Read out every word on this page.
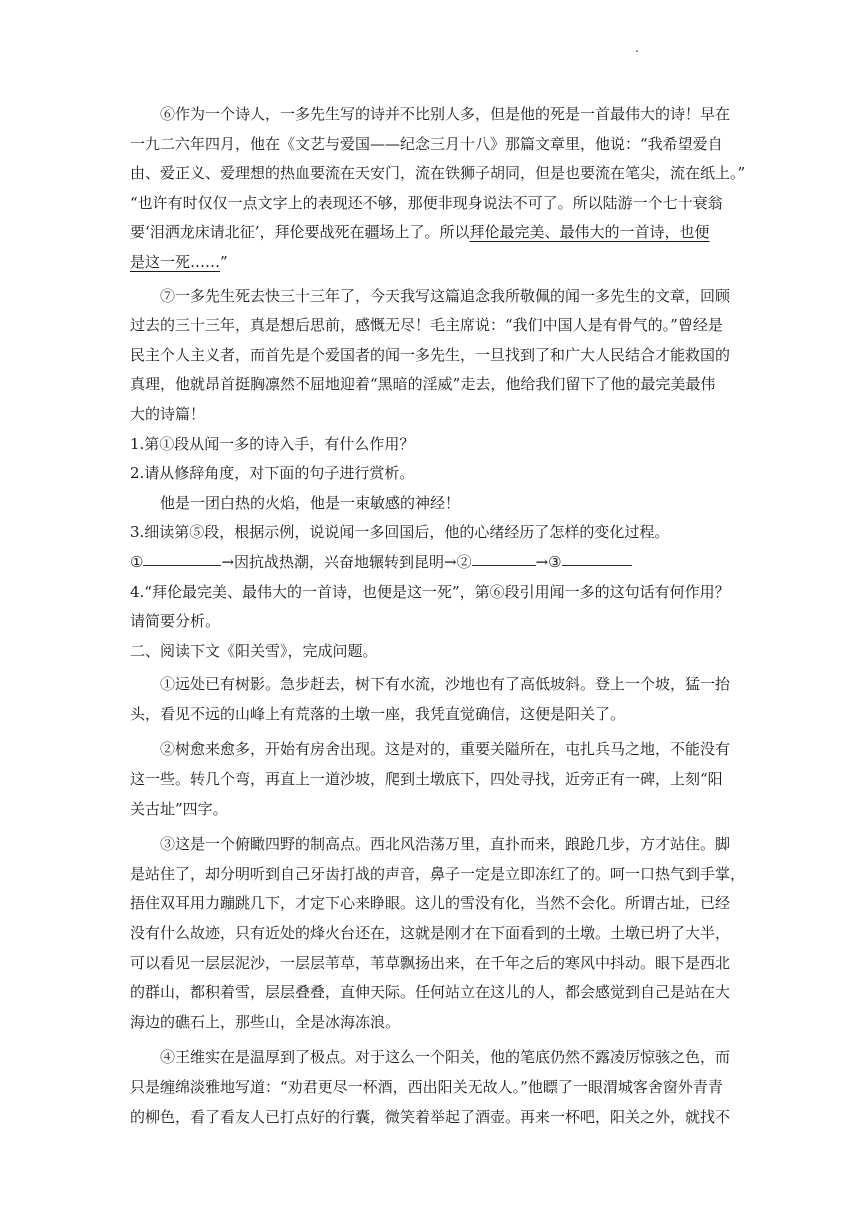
⑥作为一个诗人，一多先生写的诗并不比别人多，但是他的死是一首最伟大的诗！早在
一九二六年四月，他在《文艺与爱国——纪念三月十八》那篇文章里，他说：“我希望爱自
由、爱正义、爱理想的热血要流在天安门，流在铁狮子胡同，但是也要流在笔尖，流在纸上。”
“也许有时仅仅一点文字上的表现还不够，那便非现身说法不可了。所以陆游一个七十衰翁
要‘泪洒龙床请北征’，拜伦要战死在疆场上了。所以拜伦最完美、最伟大的一首诗，也便
是这一死…… ”
⑦一多先生死去快三十三年了，今天我写这篇追念我所敬佩的闻一多先生的文章，回顾
过去的三十三年，真是想后思前，感慨无尽！毛主席说：“我们中国人是有骨气的。”曾经是
民主个人主义者，而首先是个爱国者的闻一多先生，一旦找到了和广大人民结合才能救国的
真理，他就昂首挺胸凛然不屈地迎着“黑暗的淫威”走去，他给我们留下了他的最完美最伟
大的诗篇！
1.第①段从闻一多的诗入手，有什么作用？
2.请从修辞角度，对下面的句子进行赏析。
他是一团白热的火焰，他是一束敏感的神经！
3.细读第⑤段，根据示例，说说闻一多回国后，他的心绪经历了怎样的变化过程。
①	→因抗战热潮，兴奋地辗转到昆明→②	→③
4.“拜伦最完美、最伟大的一首诗，也便是这一死”，第⑥段引用闻一多的这句话有何作用？
请简要分析。
二、阅读下文《阳关雪》，完成问题。
①远处已有树影。急步赶去，树下有水流，沙地也有了高低坡斜。登上一个坡，猛一抬
头，看见不远的山峰上有荒落的土墩一座，我凭直觉确信，这便是阳关了。
②树愈来愈多，开始有房舍出现。这是对的，重要关隘所在，屯扎兵马之地，不能没有
这一些。转几个弯，再直上一道沙坡，爬到土墩底下，四处寻找，近旁正有一碑，上刻“阳
关古址”四字。
③这是一个俯瞰四野的制高点。西北风浩荡万里，直扑而来，踉跄几步，方才站住。脚
是站住了，却分明听到自己牙齿打战的声音，鼻子一定是立即冻红了的。呵一口热气到手掌，
捂住双耳用力蹦跳几下，才定下心来睁眼。这儿的雪没有化，当然不会化。所谓古址，已经
没有什么故迹，只有近处的烽火台还在，这就是刚才在下面看到的土墩。土墩已坍了大半，
可以看见一层层泥沙，一层层苇草，苇草飘扬出来，在千年之后的寒风中抖动。眼下是西北
的群山，都积着雪，层层叠叠，直伸天际。任何站立在这儿的人，都会感觉到自己是站在大
海边的礁石上，那些山，全是冰海冻浪。
④王维实在是温厚到了极点。对于这么一个阳关，他的笔底仍然不露凌厉惊骇之色，而
只是缠绵淡雅地写道：“劝君更尽一杯酒，西出阳关无故人。”他瞟了一眼渭城客舍窗外青青
的柳色，看了看友人已打点好的行囊，微笑着举起了酒壶。再来一杯吧，阳关之外，就找不
